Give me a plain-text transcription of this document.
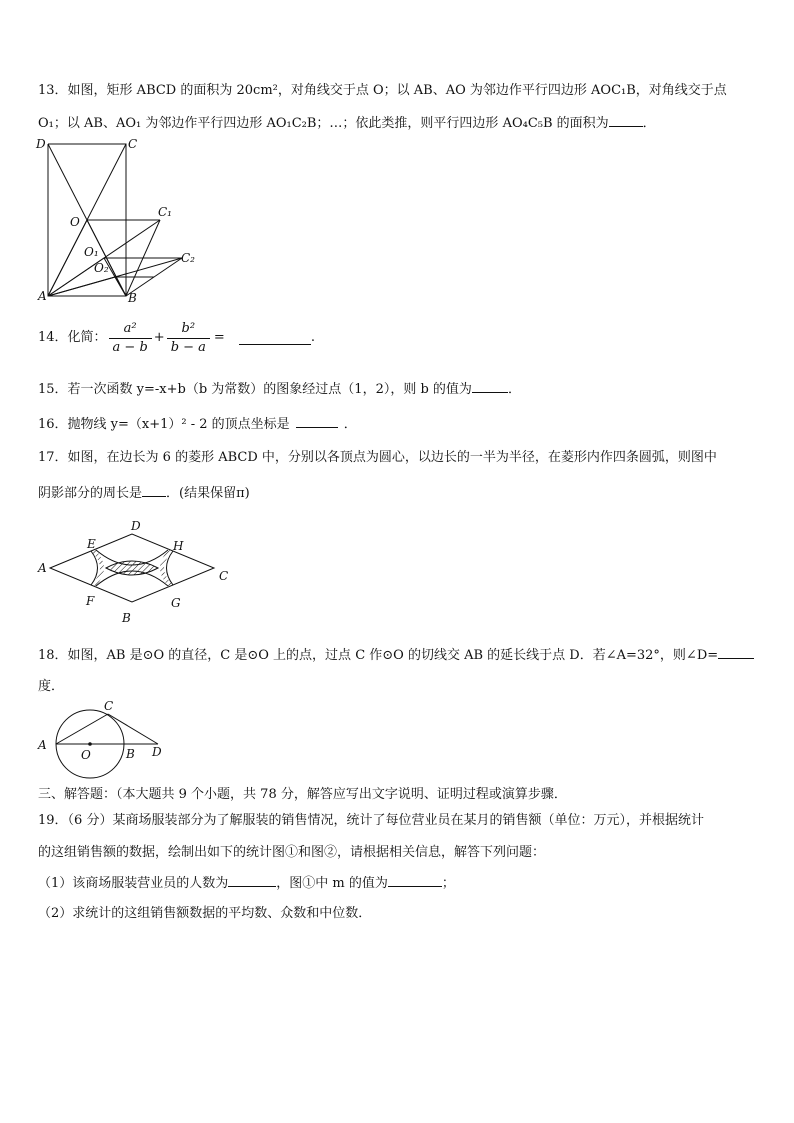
13．如图，矩形 ABCD 的面积为 20cm²，对角线交于点 O；以 AB、AO 为邻边作平行四边形 AOC₁B，对角线交于点
O₁；以 AB、AO₁ 为邻边作平行四边形 AO₁C₂B；…；依此类推，则平行四边形 AO₄C₅B 的面积为	．
D	C
O
C₁
O₁
O₂
C₂
A	B
14．化简： $\frac{\text{a²}}{a - b} + \frac{\text{b²}}{b - a}$ =	.
15．若一次函数 y=-x+b（b 为常数）的图象经过点（1，2），则 b 的值为	．
16．抛物线 y=（x+1）² - 2 的顶点坐标是	．
17．如图，在边长为 6 的菱形 ABCD 中，分别以各顶点为圆心，以边长的一半为半径，在菱形内作四条圆弧，则图中
阴影部分的周长是 ．(结果保留π)
D
E	H
A
C
F	G
B
18．如图，AB 是⊙O 的直径，C 是⊙O 上的点，过点 C 作⊙O 的切线交 AB 的延长线于点 D．若∠A=32°，则∠D=
度．
C
A
O	B D
三、解答题：（本大题共 9 个小题，共 78 分，解答应写出文字说明、证明过程或演算步骤．
19．（6 分）某商场服装部分为了解服装的销售情况，统计了每位营业员在某月的销售额（单位：万元），并根据统计
的这组销售额的数据，绘制出如下的统计图①和图②，请根据相关信息，解答下列问题：
（1）该商场服装营业员的人数为	，图①中 m 的值为	；
（2）求统计的这组销售额数据的平均数、众数和中位数．
